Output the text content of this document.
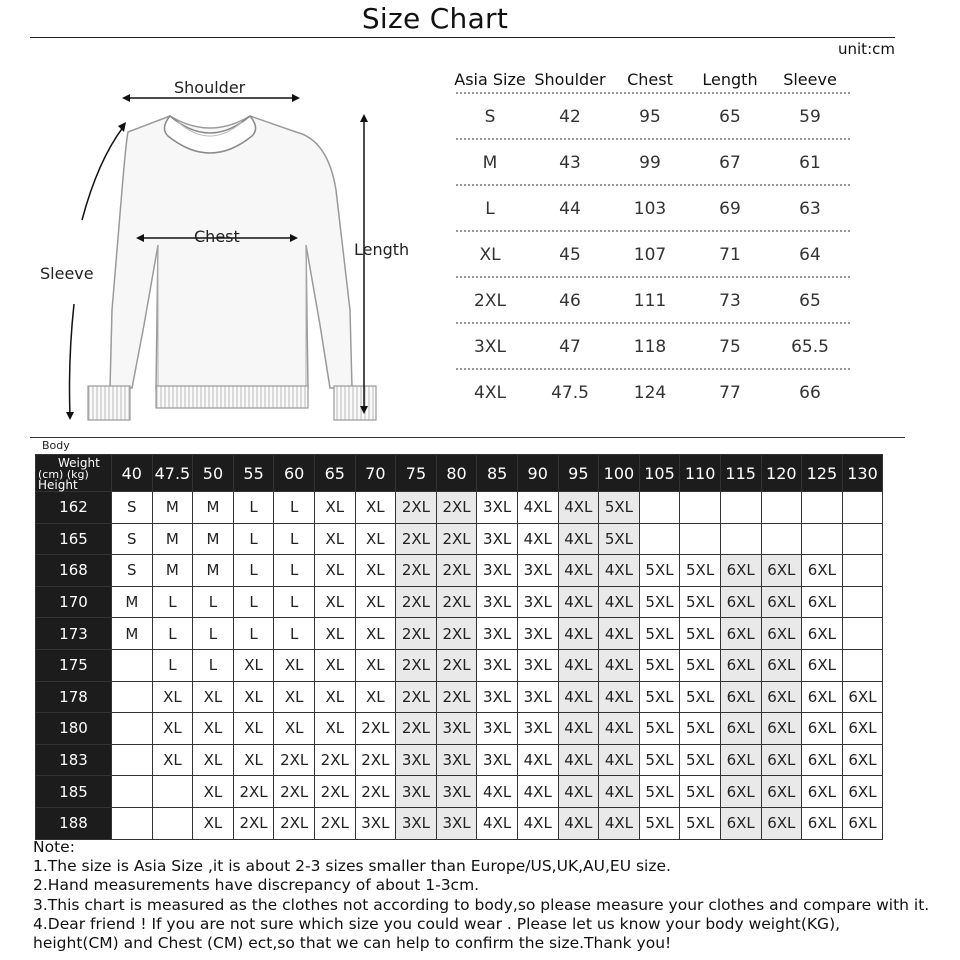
Size Chart
unit:cm
Shoulder
Chest
Length
Sleeve
Asia Size Shoulder	Chest	Length	Sleeve
S	42	95	65	59
M	43	99	67	61
L	44	103	69	63
XL	45	107	71	64
2XL	46	111	73	65
3XL	47	118	75	65.5
4XL	47.5	124	77	66
Body
Weight
(cm) (kg)
Height	40	47.5	50	55	60	65	70	75	80	85	90	95	100	105	110	115	120	125	130
162	S	M	M	L	L	XL	XL	2XL	2XL	3XL	4XL	4XL	5XL						
165	S	M	M	L	L	XL	XL	2XL	2XL	3XL	4XL	4XL	5XL						
168	S	M	M	L	L	XL	XL	2XL	2XL	3XL	3XL	4XL	4XL	5XL	5XL	6XL	6XL	6XL	
170	M	L	L	L	L	XL	XL	2XL	2XL	3XL	3XL	4XL	4XL	5XL	5XL	6XL	6XL	6XL	
173	M	L	L	L	L	XL	XL	2XL	2XL	3XL	3XL	4XL	4XL	5XL	5XL	6XL	6XL	6XL	
175		L	L	XL	XL	XL	XL	2XL	2XL	3XL	3XL	4XL	4XL	5XL	5XL	6XL	6XL	6XL	
178		XL	XL	XL	XL	XL	XL	2XL	2XL	3XL	3XL	4XL	4XL	5XL	5XL	6XL	6XL	6XL	6XL
180		XL	XL	XL	XL	XL	2XL	2XL	3XL	3XL	3XL	4XL	4XL	5XL	5XL	6XL	6XL	6XL	6XL
183		XL	XL	XL	2XL	2XL	2XL	3XL	3XL	3XL	4XL	4XL	4XL	5XL	5XL	6XL	6XL	6XL	6XL
185			XL	2XL	2XL	2XL	2XL	3XL	3XL	4XL	4XL	4XL	4XL	5XL	5XL	6XL	6XL	6XL	6XL
188			XL	2XL	2XL	2XL	3XL	3XL	3XL	4XL	4XL	4XL	4XL	5XL	5XL	6XL	6XL	6XL	6XL
Note:
1.The size is Asia Size ,it is about 2-3 sizes smaller than Europe/US,UK,AU,EU size.
2.Hand measurements have discrepancy of about 1-3cm.
3.This chart is measured as the clothes not according to body,so please measure your clothes and compare with it.
4.Dear friend ! If you are not sure which size you could wear . Please let us know your body weight(KG),
height(CM) and Chest (CM) ect,so that we can help to confirm the size.Thank you!
